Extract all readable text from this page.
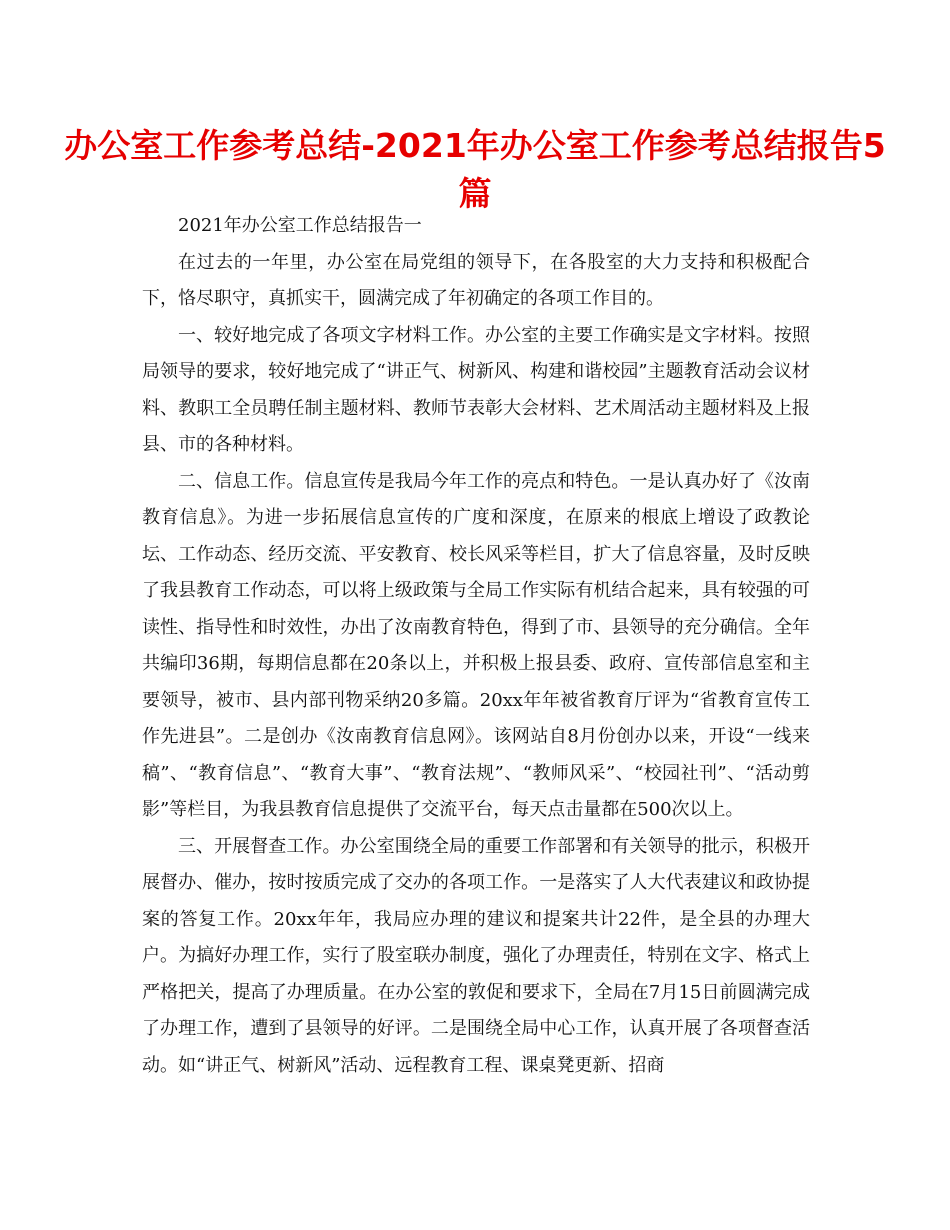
办公室工作参考总结-2021年办公室工作参考总结报告5篇

2021年办公室工作总结报告一

在过去的一年里，办公室在局党组的领导下，在各股室的大力支持和积极配合下，恪尽职守，真抓实干，圆满完成了年初确定的各项工作目的。

一、较好地完成了各项文字材料工作。办公室的主要工作确实是文字材料。按照局领导的要求，较好地完成了“讲正气、树新风、构建和谐校园”主题教育活动会议材料、教职工全员聘任制主题材料、教师节表彰大会材料、艺术周活动主题材料及上报县、市的各种材料。

二、信息工作。信息宣传是我局今年工作的亮点和特色。一是认真办好了《汝南教育信息》。为进一步拓展信息宣传的广度和深度，在原来的根底上增设了政教论坛、工作动态、经历交流、平安教育、校长风采等栏目，扩大了信息容量，及时反映了我县教育工作动态，可以将上级政策与全局工作实际有机结合起来，具有较强的可读性、指导性和时效性，办出了汝南教育特色，得到了市、县领导的充分确信。全年共编印36期，每期信息都在20条以上，并积极上报县委、政府、宣传部信息室和主要领导，被市、县内部刊物采纳20多篇。20xx年年被省教育厅评为“省教育宣传工作先进县”。二是创办《汝南教育信息网》。该网站自8月份创办以来，开设“一线来稿”、“教育信息”、“教育大事”、“教育法规”、“教师风采”、“校园社刊”、“活动剪影”等栏目，为我县教育信息提供了交流平台，每天点击量都在500次以上。

三、开展督查工作。办公室围绕全局的重要工作部署和有关领导的批示，积极开展督办、催办，按时按质完成了交办的各项工作。一是落实了人大代表建议和政协提案的答复工作。20xx年年，我局应办理的建议和提案共计22件，是全县的办理大户。为搞好办理工作，实行了股室联办制度，强化了办理责任，特别在文字、格式上严格把关，提高了办理质量。在办公室的敦促和要求下，全局在7月15日前圆满完成了办理工作，遭到了县领导的好评。二是围绕全局中心工作，认真开展了各项督查活动。如“讲正气、树新风”活动、远程教育工程、课桌凳更新、招商
